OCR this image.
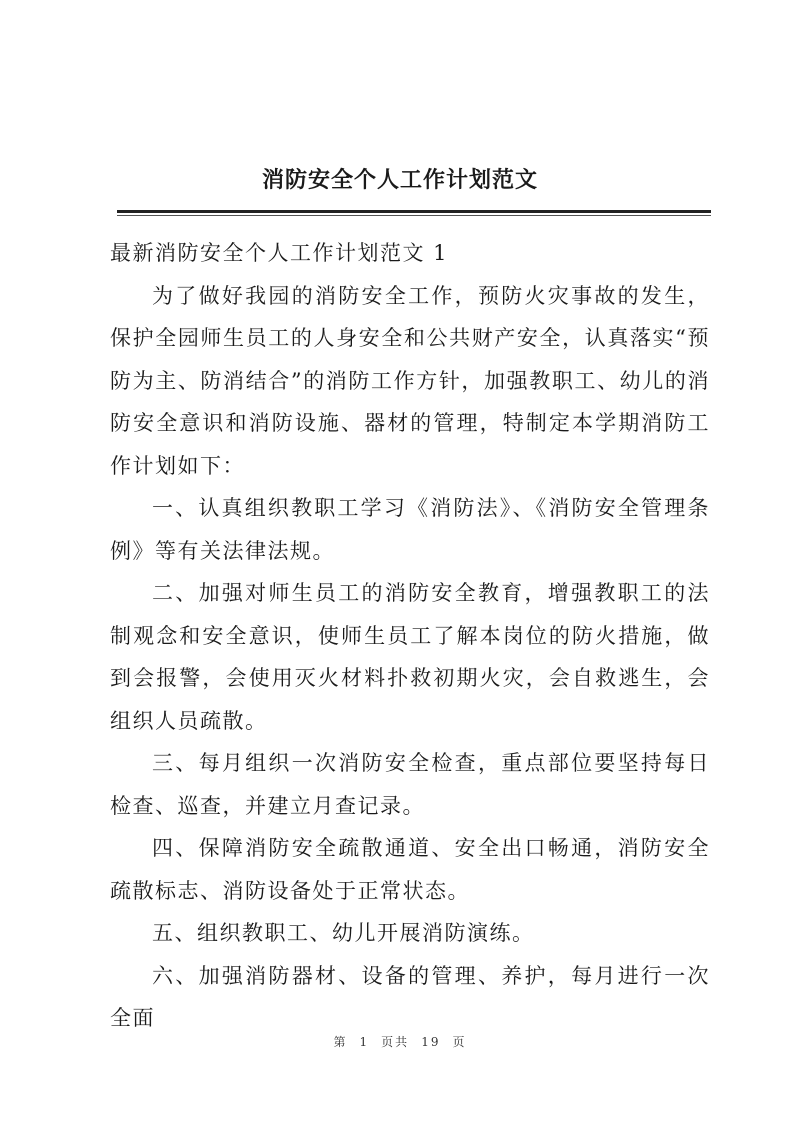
消防安全个人工作计划范文

最新消防安全个人工作计划范文 1

为了做好我园的消防安全工作，预防火灾事故的发生，保护全园师生员工的人身安全和公共财产安全，认真落实“预防为主、防消结合”的消防工作方针，加强教职工、幼儿的消防安全意识和消防设施、器材的管理，特制定本学期消防工作计划如下：

一、认真组织教职工学习《消防法》、《消防安全管理条例》等有关法律法规。

二、加强对师生员工的消防安全教育，增强教职工的法制观念和安全意识，使师生员工了解本岗位的防火措施，做到会报警，会使用灭火材料扑救初期火灾，会自救逃生，会组织人员疏散。

三、每月组织一次消防安全检查，重点部位要坚持每日检查、巡查，并建立月查记录。

四、保障消防安全疏散通道、安全出口畅通，消防安全疏散标志、消防设备处于正常状态。

五、组织教职工、幼儿开展消防演练。

六、加强消防器材、设备的管理、养护，每月进行一次全面

第 1 页共 19 页
